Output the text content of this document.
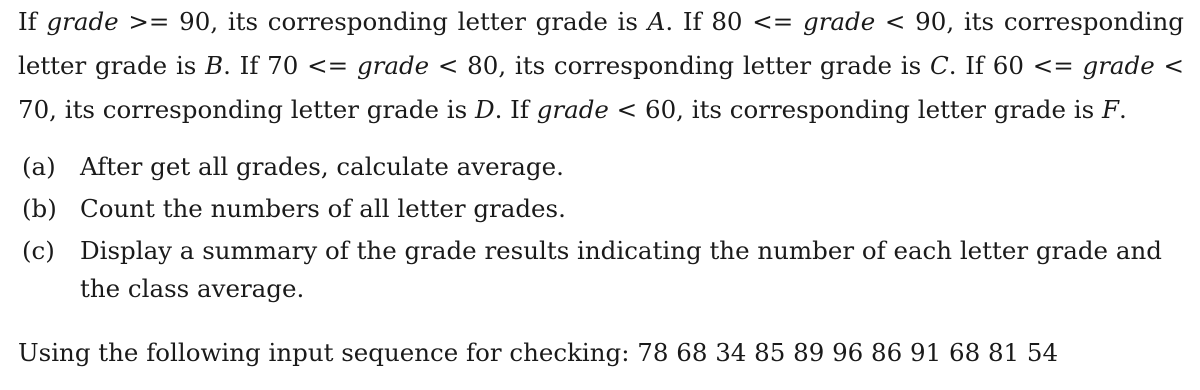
If grade >= 90, its corresponding letter grade is A. If 80 <= grade < 90, its corresponding
letter grade is B. If 70 <= grade < 80, its corresponding letter grade is C. If 60 <= grade <
70, its corresponding letter grade is D. If grade < 60, its corresponding letter grade is F.

(a) After get all grades, calculate average.
(b) Count the numbers of all letter grades.
(c) Display a summary of the grade results indicating the number of each letter grade and the class average.
Using the following input sequence for checking: 78 68 34 85 89 96 86 91 68 81 54
